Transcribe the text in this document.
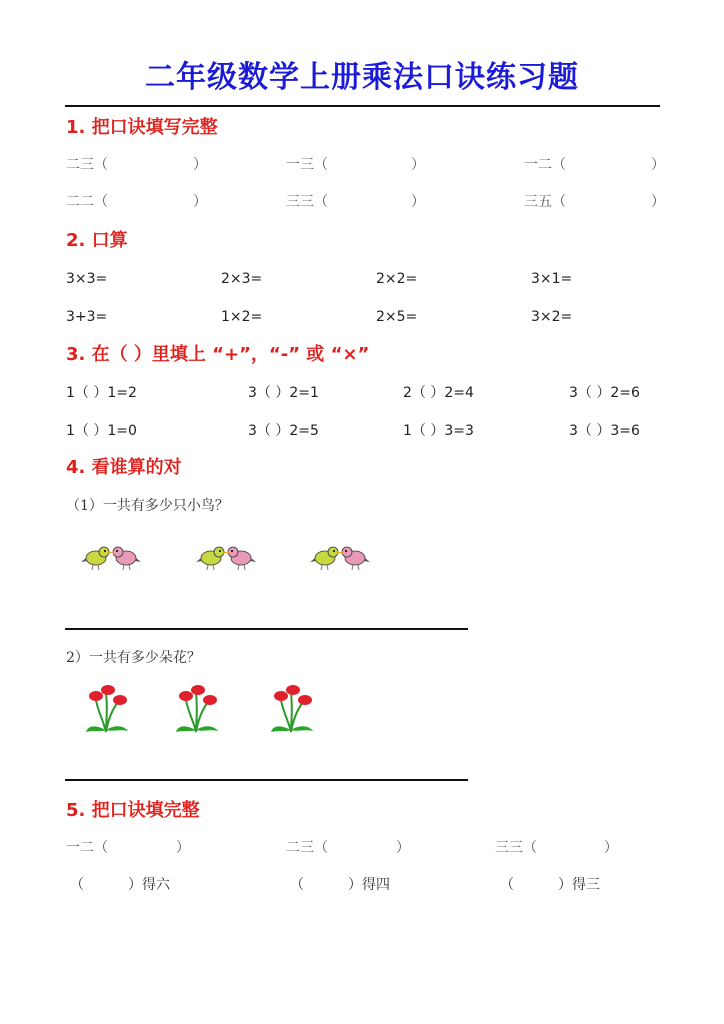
二年级数学上册乘法口诀练习题
1. 把口诀填写完整
二三（	）	一三（	）	一二（	）
二二（	）	三三（	）	三五（	）
2. 口算
3×3=	2×3=	2×2=	3×1=
3+3=	1×2=	2×5=	3×2=
3. 在（ ）里填上 “+”，“-” 或 “×”
1（ ）1=2	3（ ）2=1	2（ ）2=4	3（ ）2=6
1（ ）1=0	3（ ）2=5	1（ ）3=3	3（ ）3=6
4. 看谁算的对
（1）一共有多少只小鸟？
2）一共有多少朵花？
5. 把口诀填完整
一二（	）	二三（	）	三三（	）
（	）得六	（	）得四	（	）得三
